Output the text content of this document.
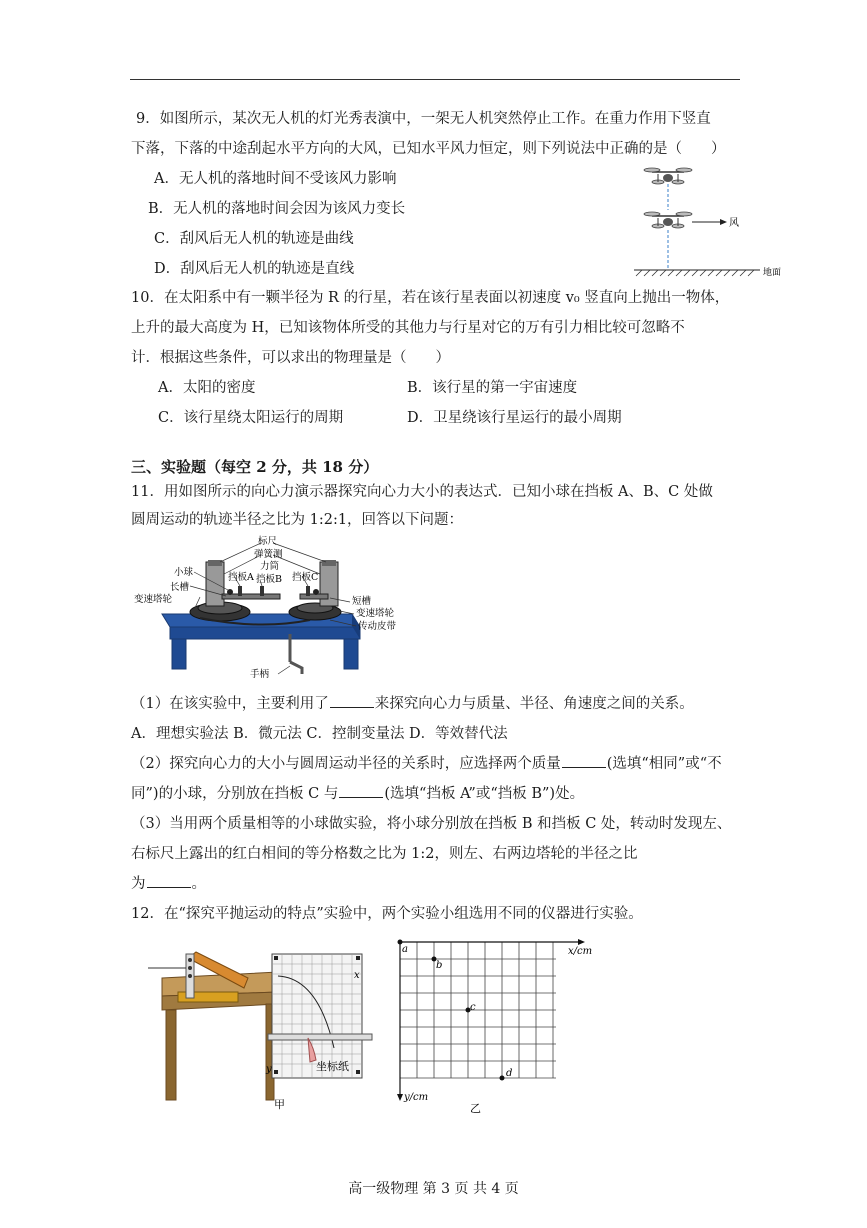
9．如图所示，某次无人机的灯光秀表演中，一架无人机突然停止工作。在重力作用下竖直
下落，下落的中途刮起水平方向的大风，已知水平风力恒定，则下列说法中正确的是（　　）
A．无人机的落地时间不受该风力影响
B．无人机的落地时间会因为该风力变长
C．刮风后无人机的轨迹是曲线
D．刮风后无人机的轨迹是直线
风
地面
10．在太阳系中有一颗半径为 R 的行星，若在该行星表面以初速度 v₀ 竖直向上抛出一物体，
上升的最大高度为 H，已知该物体所受的其他力与行星对它的万有引力相比较可忽略不
计．根据这些条件，可以求出的物理量是（　　）
A．太阳的密度	B．该行星的第一宇宙速度
C．该行星绕太阳运行的周期	D．卫星绕该行星运行的最小周期
三、实验题（每空 2 分，共 18 分）
11．用如图所示的向心力演示器探究向心力大小的表达式．已知小球在挡板 A、B、C 处做
圆周运动的轨迹半径之比为 1:2:1，回答以下问题：
标尺
弹簧测
力筒
小球	挡板A 挡板B 挡板C
长槽
变速塔轮	短槽
变速塔轮
传动皮带
手柄
（1）在该实验中，主要利用了	来探究向心力与质量、半径、角速度之间的关系。
A．理想实验法 B．微元法 C．控制变量法 D．等效替代法
（2）探究向心力的大小与圆周运动半径的关系时，应选择两个质量	(选填“相同”或“不
同”)的小球，分别放在挡板 C 与	(选填“挡板 A”或“挡板 B”)处。
（3）当用两个质量相等的小球做实验，将小球分别放在挡板 B 和挡板 C 处，转动时发现左、
右标尺上露出的红白相间的等分格数之比为 1:2，则左、右两边塔轮的半径之比
为	。
12．在“探究平抛运动的特点”实验中，两个实验小组选用不同的仪器进行实验。
x
y	坐标纸
甲
x/cm
y/cm
a
b
c
d
乙
高一级物理 第 3 页 共 4 页
